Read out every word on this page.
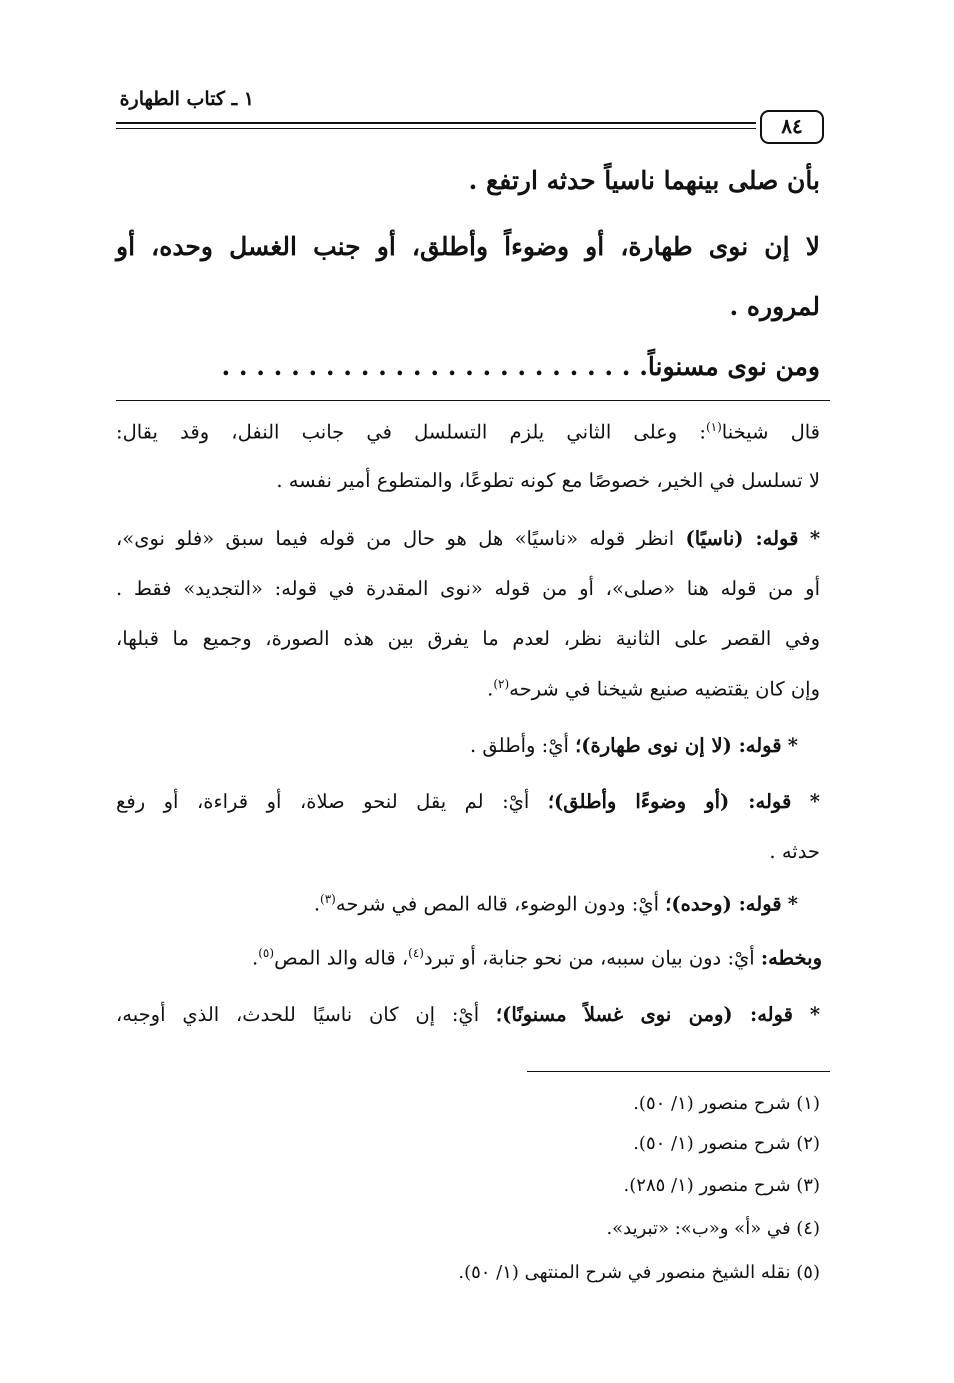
١ ـ كتاب الطهارة
٨٤
بأن صلى بينهما ناسياً حدثه ارتفع .
لا إن نوى طهارة، أو وضوءاً وأطلق، أو جنب الغسل وحده، أو
لمروره .
ومن نوى مسنوناً. . . . . . . . . . . . . . . . . . . . . . . . .
قال شيخنا$^{(١)}$: وعلى الثاني يلزم التسلسل في جانب النفل، وقد يقال:
لا تسلسل في الخير، خصوصًا مع كونه تطوعًا، والمتطوع أمير نفسه .
* قوله: (ناسيًا) انظر قوله «ناسيًا» هل هو حال من قوله فيما سبق «فلو نوى»،
أو من قوله هنا «صلى»، أو من قوله «نوى المقدرة في قوله: «التجديد» فقط .
وفي القصر على الثانية نظر، لعدم ما يفرق بين هذه الصورة، وجميع ما قبلها،
وإن كان يقتضيه صنيع شيخنا في شرحه$^{(٢)}$.
* قوله: (لا إن نوى طهارة)؛ أيْ: وأطلق .
* قوله: (أو وضوءًا وأطلق)؛ أيْ: لم يقل لنحو صلاة، أو قراءة، أو رفع
حدثه .
* قوله: (وحده)؛ أيْ: ودون الوضوء، قاله المص في شرحه$^{(٣)}$.
وبخطه: أيْ: دون بيان سببه، من نحو جنابة، أو تبرد$^{(٤)}$، قاله والد المص$^{(٥)}$.
* قوله: (ومن نوى غسلاً مسنونًا)؛ أيْ: إن كان ناسيًا للحدث، الذي أوجبه،
(١) شرح منصور (١/ ٥٠).
(٢) شرح منصور (١/ ٥٠).
(٣) شرح منصور (١/ ٢٨٥).
(٤) في «أ» و«ب»: «تبريد».
(٥) نقله الشيخ منصور في شرح المنتهى (١/ ٥٠).
